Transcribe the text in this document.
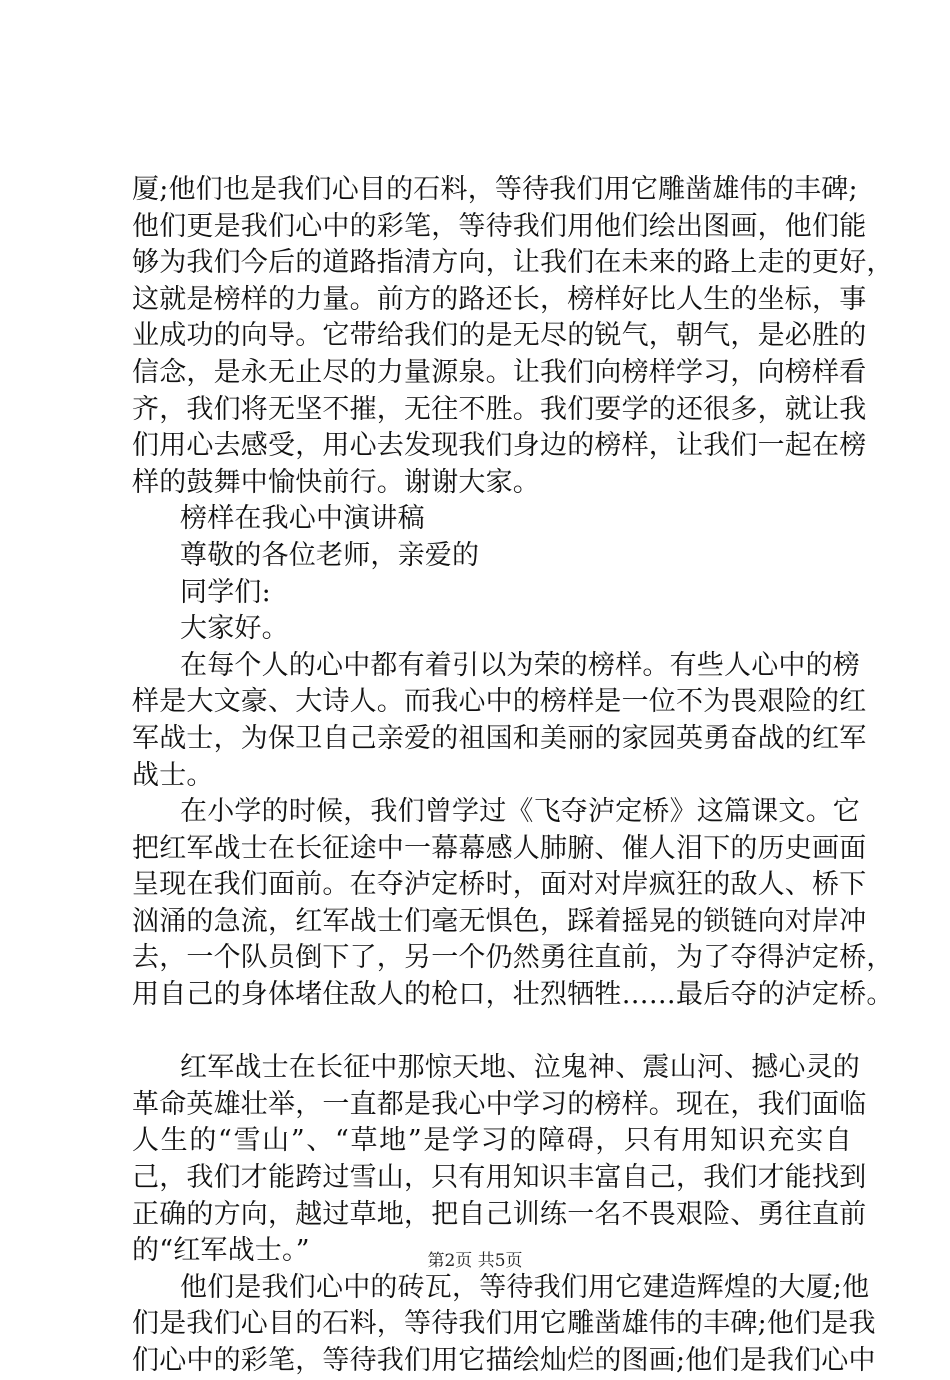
厦;他们也是我们心目的石料，等待我们用它雕凿雄伟的丰碑;
他们更是我们心中的彩笔，等待我们用他们绘出图画，他们能
够为我们今后的道路指清方向，让我们在未来的路上走的更好，
这就是榜样的力量。前方的路还长，榜样好比人生的坐标，事
业成功的向导。它带给我们的是无尽的锐气，朝气，是必胜的
信念，是永无止尽的力量源泉。让我们向榜样学习，向榜样看
齐，我们将无坚不摧，无往不胜。我们要学的还很多，就让我
们用心去感受，用心去发现我们身边的榜样，让我们一起在榜
样的鼓舞中愉快前行。谢谢大家。
榜样在我心中演讲稿
尊敬的各位老师，亲爱的
同学们:
大家好。
在每个人的心中都有着引以为荣的榜样。有些人心中的榜
样是大文豪、大诗人。而我心中的榜样是一位不为畏艰险的红
军战士，为保卫自己亲爱的祖国和美丽的家园英勇奋战的红军
战士。
在小学的时候，我们曾学过《飞夺泸定桥》这篇课文。它
把红军战士在长征途中一幕幕感人肺腑、催人泪下的历史画面
呈现在我们面前。在夺泸定桥时，面对对岸疯狂的敌人、桥下
汹涌的急流，红军战士们毫无惧色，踩着摇晃的锁链向对岸冲
去，一个队员倒下了，另一个仍然勇往直前，为了夺得泸定桥，
用自己的身体堵住敌人的枪口，壮烈牺牲……最后夺的泸定桥。
红军战士在长征中那惊天地、泣鬼神、震山河、撼心灵的
革命英雄壮举，一直都是我心中学习的榜样。现在，我们面临
人生的“雪山”、“草地”是学习的障碍，只有用知识充实自
己，我们才能跨过雪山，只有用知识丰富自己，我们才能找到
正确的方向，越过草地，把自己训练一名不畏艰险、勇往直前
的“红军战士。”
他们是我们心中的砖瓦，等待我们用它建造辉煌的大厦;他
们是我们心目的石料，等待我们用它雕凿雄伟的丰碑;他们是我
们心中的彩笔，等待我们用它描绘灿烂的图画;他们是我们心中
第2页 共5页
